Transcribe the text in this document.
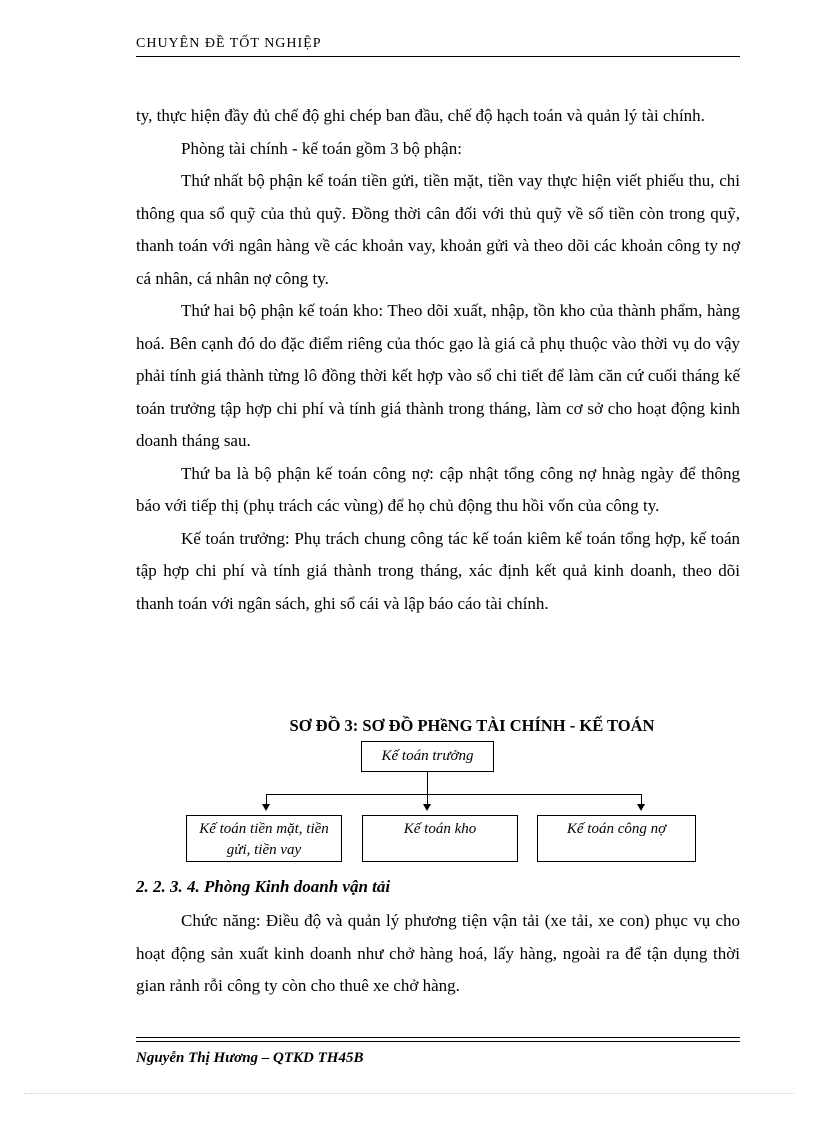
CHUYÊN ĐỀ TỐT NGHIỆP

ty, thực hiện đầy đủ chế độ ghi chép ban đầu, chế độ hạch toán và quản lý tài chính.

Phòng tài chính - kế toán gồm 3 bộ phận:

Thứ nhất bộ phận kế toán tiền gửi, tiền mặt, tiền vay thực hiện viết phiếu thu, chi thông qua sổ quỹ của thủ quỹ. Đồng thời cân đối với thủ quỹ về số tiền còn trong quỹ, thanh toán với ngân hàng về các khoản vay, khoản gửi và theo dõi các khoản công ty nợ cá nhân, cá nhân nợ công ty.

Thứ hai bộ phận kế toán kho: Theo dõi xuất, nhập, tồn kho của thành phẩm, hàng hoá. Bên cạnh đó do đặc điểm riêng của thóc gạo là giá cả phụ thuộc vào thời vụ do vậy phải tính giá thành từng lô đồng thời kết hợp vào sổ chi tiết để làm căn cứ cuối tháng kế toán trưởng tập hợp chi phí và tính giá thành trong tháng, làm cơ sở cho hoạt động kinh doanh tháng sau.

Thứ ba là bộ phận kế toán công nợ: cập nhật tổng công nợ hnàg ngày để thông báo với tiếp thị (phụ trách các vùng) để họ chủ động thu hồi vốn của công ty.

Kế toán trưởng: Phụ trách chung công tác kế toán kiêm kế toán tổng hợp, kế toán tập hợp chi phí và tính giá thành trong tháng, xác định kết quả kinh doanh, theo dõi thanh toán với ngân sách, ghi sổ cái và lập báo cáo tài chính.

SƠ ĐỒ 3: SƠ ĐỒ PHềNG TÀI CHÍNH - KẾ TOÁN
Kế toán trưởng
Kế toán tiền mặt, tiền gửi, tiền vay
Kế toán kho	Kế toán công nợ
2. 2. 3. 4. Phòng Kinh doanh vận tải

Chức năng: Điều độ và quản lý phương tiện vận tải (xe tải, xe con) phục vụ cho hoạt động sản xuất kinh doanh như chở hàng hoá, lấy hàng, ngoài ra để tận dụng thời gian rảnh rỗi công ty còn cho thuê xe chở hàng.

Nguyễn Thị Hương – QTKD TH45B
